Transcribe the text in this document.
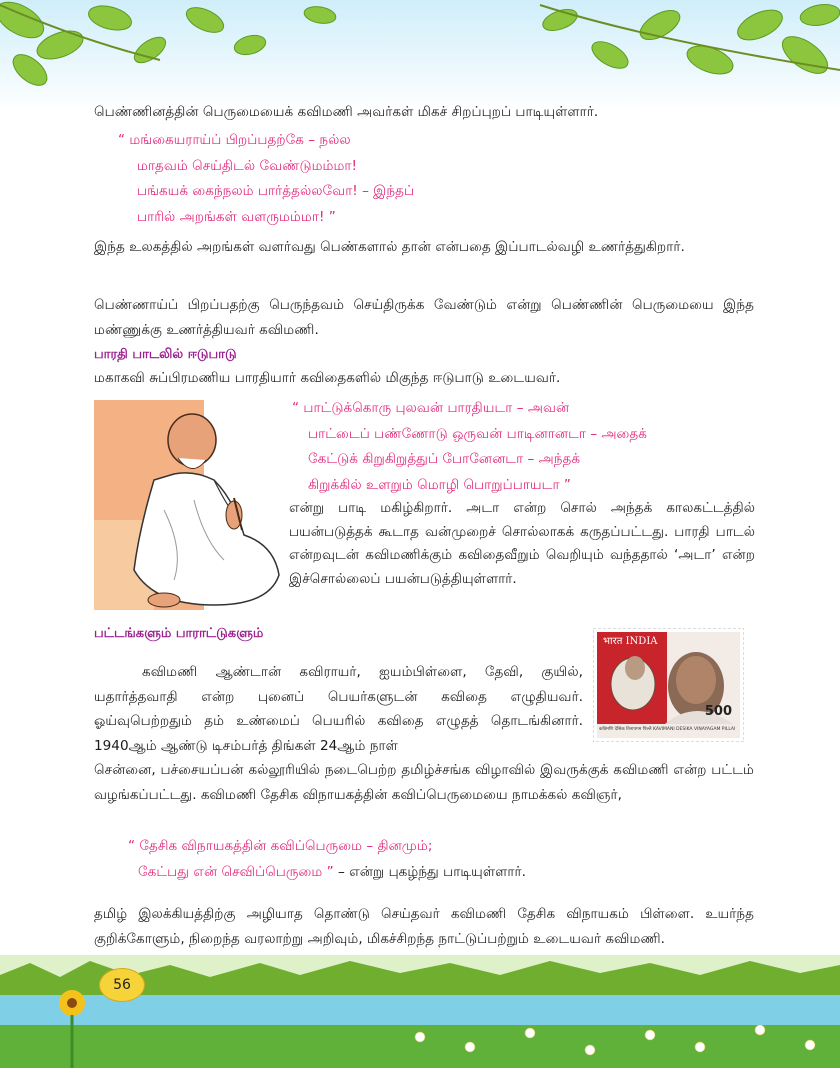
பெண்ணினத்தின் பெருமையைக் கவிமணி அவர்கள் மிகச் சிறப்புறப் பாடியுள்ளார்.
“ மங்கையராய்ப் பிறப்பதற்கே – நல்ல
மாதவம் செய்திடல் வேண்டுமம்மா!
பங்கயக் கைந்நலம் பார்த்தல்லவோ! – இந்தப்
பாரில் அறங்கள் வளருமம்மா! ”
இந்த உலகத்தில் அறங்கள் வளர்வது பெண்களால் தான் என்பதை இப்பாடல்வழி உணர்த்துகிறார்.
பெண்ணாய்ப் பிறப்பதற்கு பெருந்தவம் செய்திருக்க வேண்டும் என்று பெண்ணின் பெருமையை இந்த மண்ணுக்கு உணர்த்தியவர் கவிமணி.
பாரதி பாடலில் ஈடுபாடு
மகாகவி சுப்பிரமணிய பாரதியார் கவிதைகளில் மிகுந்த ஈடுபாடு உடையவர்.
“ பாட்டுக்கொரு புலவன் பாரதியடா – அவன்
பாட்டைப் பண்ணோடு ஒருவன் பாடினானடா – அதைக்
கேட்டுக் கிறுகிறுத்துப் போனேனடா – அந்தக்
கிறுக்கில் உளறும் மொழி பொறுப்பாயடா ”
என்று பாடி மகிழ்கிறார். அடா என்ற சொல் அந்தக் காலகட்டத்தில் பயன்படுத்தக் கூடாத வன்முறைச் சொல்லாகக் கருதப்பட்டது. பாரதி பாடல் என்றவுடன் கவிமணிக்கும் கவிதைவீறும் வெறியும் வந்ததால் ‘அடா’ என்ற இச்சொல்லைப் பயன்படுத்தியுள்ளார்.
பட்டங்களும் பாராட்டுகளும்
भारत INDIA
500
कविमणि देसिक विनायगम पिल्लै KAVIMANI DESIKA VINAYAGAM PILLAI
கவிமணி ஆண்டான் கவிராயர், ஐயம்பிள்ளை, தேவி, குயில், யதார்த்தவாதி என்ற புனைப் பெயர்களுடன் கவிதை எழுதியவர். ஓய்வுபெற்றதும் தம் உண்மைப் பெயரில் கவிதை எழுதத் தொடங்கினார். 1940ஆம் ஆண்டு டிசம்பர்த் திங்கள் 24ஆம் நாள்
சென்னை, பச்சையப்பன் கல்லூரியில் நடைபெற்ற தமிழ்ச்சங்க விழாவில் இவருக்குக் கவிமணி என்ற பட்டம் வழங்கப்பட்டது. கவிமணி தேசிக விநாயகத்தின் கவிப்பெருமையை நாமக்கல் கவிஞர்,
“ தேசிக விநாயகத்தின் கவிப்பெருமை – தினமும்;
கேட்பது என் செவிப்பெருமை ” – என்று புகழ்ந்து பாடியுள்ளார்.
தமிழ் இலக்கியத்திற்கு அழியாத தொண்டு செய்தவர் கவிமணி தேசிக விநாயகம் பிள்ளை. உயர்ந்த குறிக்கோளும், நிறைந்த வரலாற்று அறிவும், மிகச்சிறந்த நாட்டுப்பற்றும் உடையவர் கவிமணி.
56
